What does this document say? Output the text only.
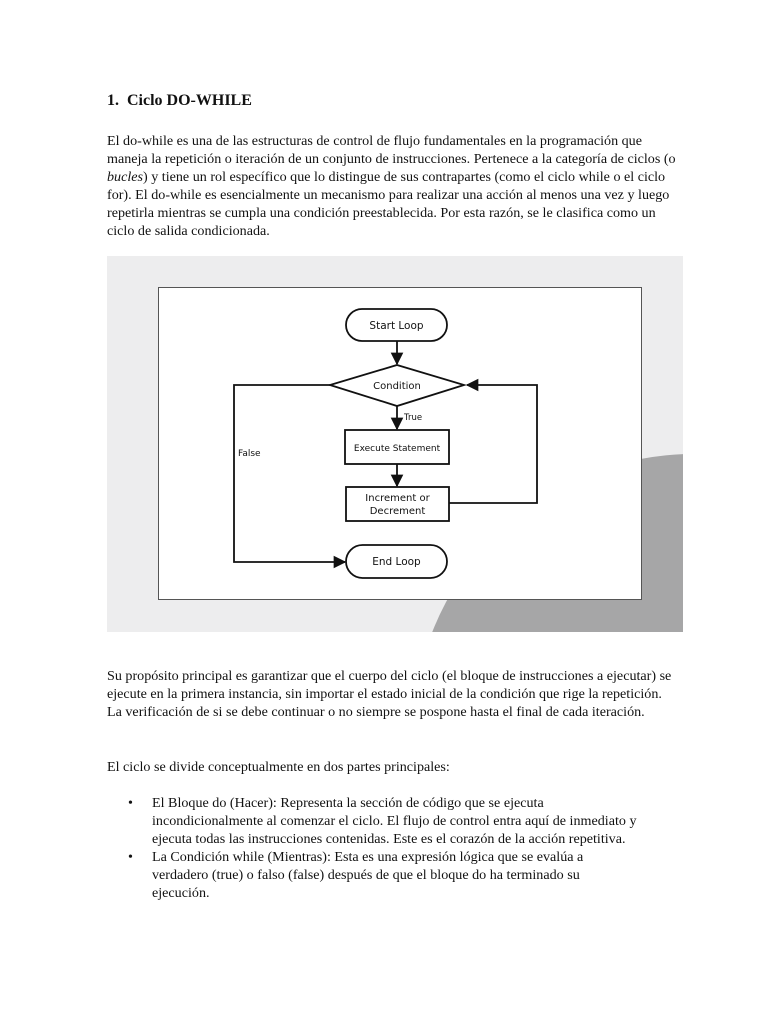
1. Ciclo DO-WHILE

El do-while es una de las estructuras de control de flujo fundamentales en la programación que maneja la repetición o iteración de un conjunto de instrucciones. Pertenece a la categoría de ciclos (o bucles) y tiene un rol específico que lo distingue de sus contrapartes (como el ciclo while o el ciclo for). El do-while es esencialmente un mecanismo para realizar una acción al menos una vez y luego repetirla mientras se cumpla una condición preestablecida. Por esta razón, se le clasifica como un ciclo de salida condicionada.

Start Loop
Condition
True
Execute Statement
Increment or
Decrement
False
End Loop

Su propósito principal es garantizar que el cuerpo del ciclo (el bloque de instrucciones a ejecutar) se ejecute en la primera instancia, sin importar el estado inicial de la condición que rige la repetición. La verificación de si se debe continuar o no siempre se pospone hasta el final de cada iteración.

El ciclo se divide conceptualmente en dos partes principales:

• El Bloque do (Hacer): Representa la sección de código que se ejecuta incondicionalmente al comenzar el ciclo. El flujo de control entra aquí de inmediato y ejecuta todas las instrucciones contenidas. Este es el corazón de la acción repetitiva.
• La Condición while (Mientras): Esta es una expresión lógica que se evalúa a verdadero (true) o falso (false) después de que el bloque do ha terminado su ejecución.
